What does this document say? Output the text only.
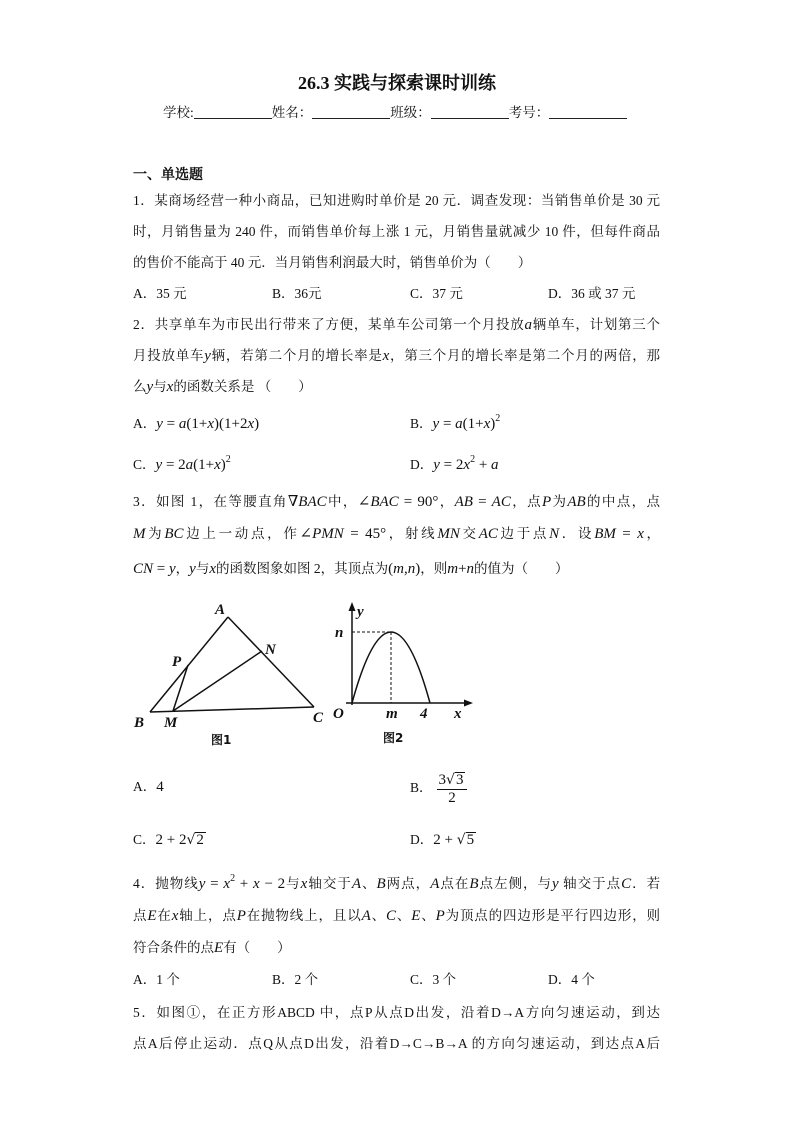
26.3 实践与探索课时训练
学校:	姓名：	班级：	考号：
一、单选题
1．某商场经营一种小商品，已知进购时单价是 20 元．调查发现：当销售单价是 30 元
时，月销售量为 240 件，而销售单价每上涨 1 元，月销售量就减少 10 件，但每件商品
的售价不能高于 40 元．当月销售利润最大时，销售单价为（　　）
A．35 元	B．36元	C．37 元	D．36 或 37 元
2．共享单车为市民出行带来了方便，某单车公司第一个月投放a辆单车，计划第三个
月投放单车y辆，若第二个月的增长率是x，第三个月的增长率是第二个月的两倍，那
么y与x的函数关系是 （　　）
A．y = a(1+x)(1+2x)	B．$y = a(1+x)^2$
C．$y = 2a(1+x)^2$	D．$y = 2x^2 + a$
3．如图 1，在等腰直角∇BAC中，∠BAC = 90°，AB = AC，点P为AB的中点，点
M为BC边上一动点，作∠PMN = 45°，射线MN交AC边于点N．设BM = x，
CN = y，y与x的函数图象如图 2，其顶点为(m,n)，则m+n的值为（　　）
A
B	C
P
M
N
图1
y
n
O	m 4 x
图2
A．4	B． $\frac{3√3}{2}$
C．2 + 2√2	D．2 + √5
4．抛物线$y = x^2 + x - 2$与x轴交于A、B两点，A点在B点左侧，与y 轴交于点C．若
点E在x轴上，点P在抛物线上，且以A、C、E、P为顶点的四边形是平行四边形，则
符合条件的点E有（　　）
A．1 个	B．2 个	C．3 个	D．4 个
5．如图①，在正方形ABCD 中，点P从点D出发，沿着D→A方向匀速运动，到达
点A后停止运动．点Q从点D出发，沿着D→C→B→A 的方向匀速运动，到达点A后
